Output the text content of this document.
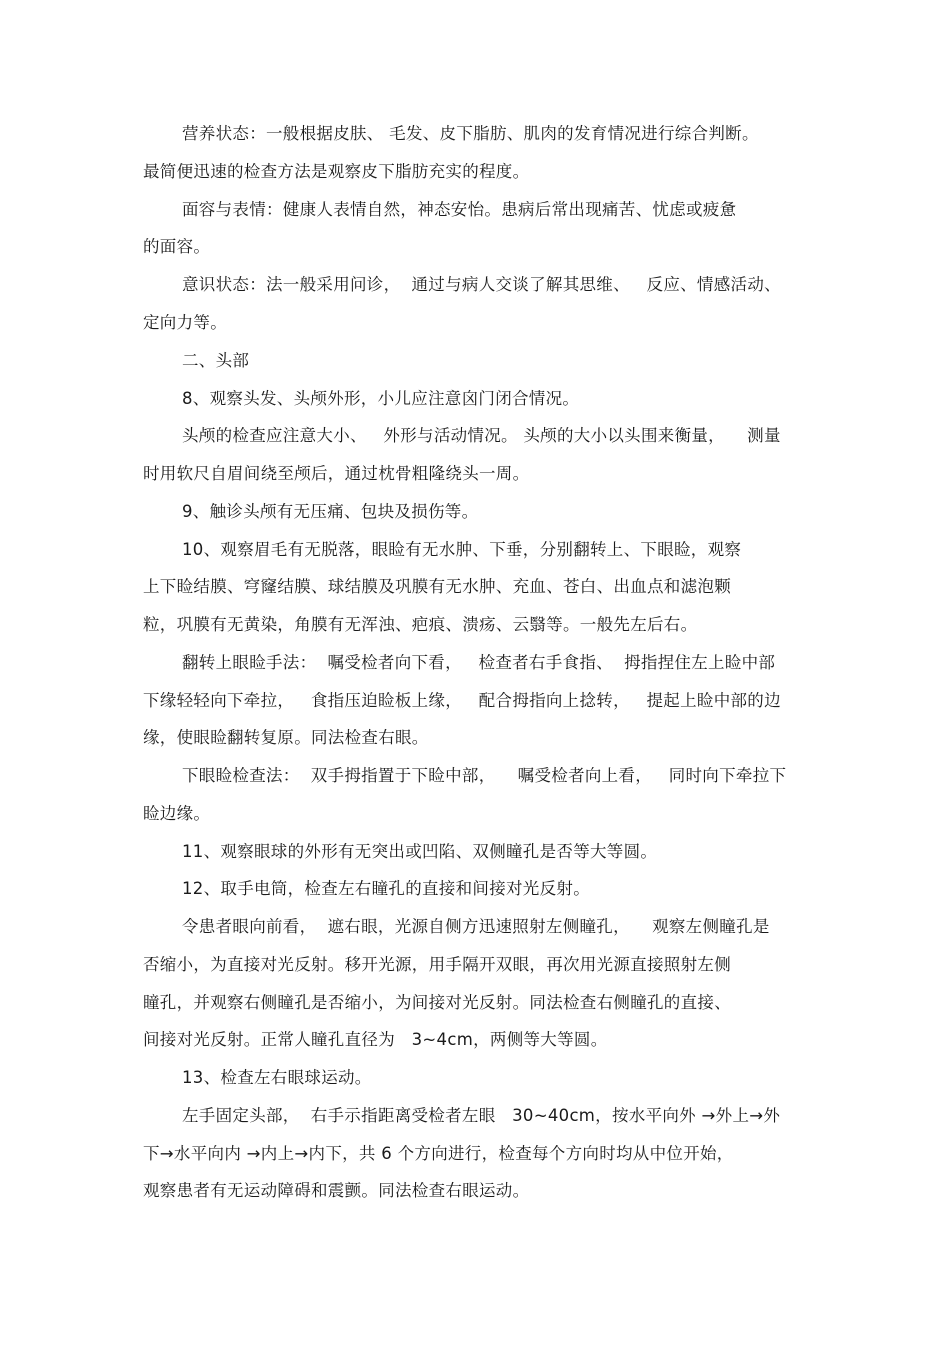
营养状态：一般根据皮肤、 毛发、皮下脂肪、肌肉的发育情况进行综合判断。
最简便迅速的检查方法是观察皮下脂肪充实的程度。
面容与表情：健康人表情自然，神态安怡。患病后常出现痛苦、忧虑或疲惫
的面容。
意识状态：法一般采用问诊，  通过与病人交谈了解其思维、   反应、情感活动、
定向力等。
二、头部
8、观察头发、头颅外形，小儿应注意囟门闭合情况。
头颅的检查应注意大小、   外形与活动情况。 头颅的大小以头围来衡量，    测量
时用软尺自眉间绕至颅后，通过枕骨粗隆绕头一周。
9、触诊头颅有无压痛、包块及损伤等。
10、观察眉毛有无脱落，眼睑有无水肿、下垂，分别翻转上、下眼睑，观察
上下睑结膜、穹窿结膜、球结膜及巩膜有无水肿、充血、苍白、出血点和滤泡颗
粒，巩膜有无黄染，角膜有无浑浊、疤痕、溃疡、云翳等。一般先左后右。
翻转上眼睑手法：  嘱受检者向下看，   检查者右手食指、  拇指捏住左上睑中部
下缘轻轻向下牵拉，   食指压迫睑板上缘，   配合拇指向上捻转，   提起上睑中部的边
缘，使眼睑翻转复原。同法检查右眼。
下眼睑检查法：  双手拇指置于下睑中部，    嘱受检者向上看，   同时向下牵拉下
睑边缘。
11、观察眼球的外形有无突出或凹陷、双侧瞳孔是否等大等圆。
12、取手电筒，检查左右瞳孔的直接和间接对光反射。
令患者眼向前看，  遮右眼，光源自侧方迅速照射左侧瞳孔，    观察左侧瞳孔是
否缩小，为直接对光反射。移开光源，用手隔开双眼，再次用光源直接照射左侧
瞳孔，并观察右侧瞳孔是否缩小，为间接对光反射。同法检查右侧瞳孔的直接、
间接对光反射。正常人瞳孔直径为   3~4cm，两侧等大等圆。
13、检查左右眼球运动。
左手固定头部，  右手示指距离受检者左眼   30~40cm，按水平向外 →外上→外
下→水平向内 →内上→内下，共 6 个方向进行，检查每个方向时均从中位开始，
观察患者有无运动障碍和震颤。同法检查右眼运动。
